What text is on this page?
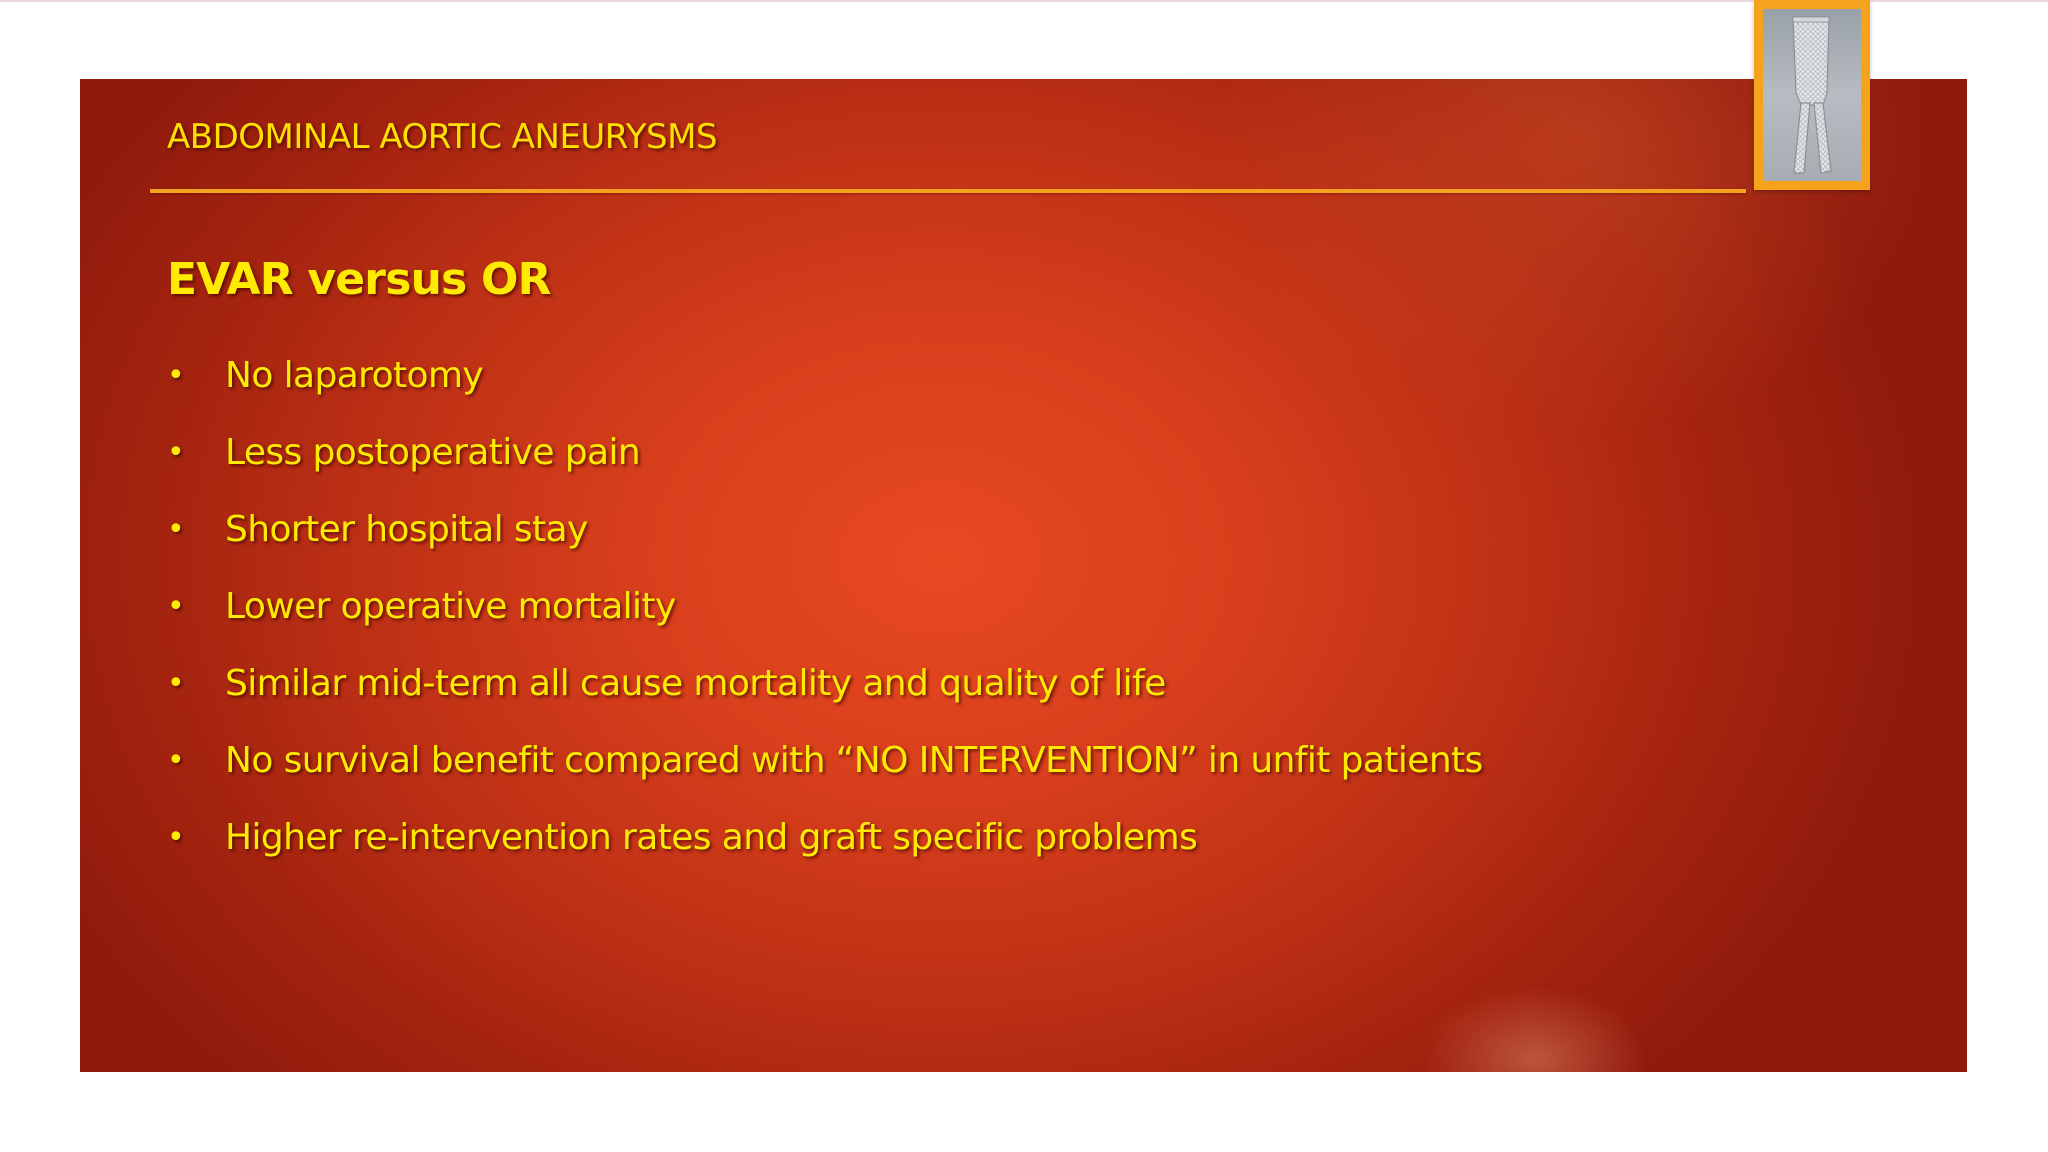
ABDOMINAL AORTIC ANEURYSMS
EVAR versus OR
•	No laparotomy
•	Less postoperative pain
•	Shorter hospital stay
•	Lower operative mortality
•	Similar mid-term all cause mortality and quality of life
•	No survival benefit compared with “NO INTERVENTION” in unfit patients
•	Higher re-intervention rates and graft specific problems
